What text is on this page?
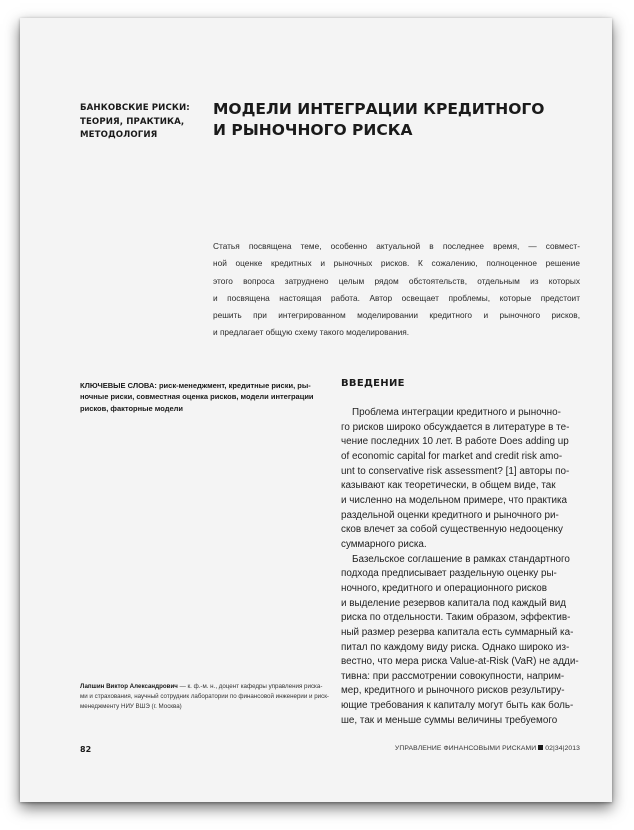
БАНКОВСКИЕ РИСКИ:
ТЕОРИЯ, ПРАКТИКА,
МЕТОДОЛОГИЯ
МОДЕЛИ ИНТЕГРАЦИИ КРЕДИТНОГО
И РЫНОЧНОГО РИСКА
Статья посвящена теме, особенно актуальной в последнее время, — совмест-
ной оценке кредитных и рыночных рисков. К сожалению, полноценное решение
этого вопроса затруднено целым рядом обстоятельств, отдельным из которых
и посвящена настоящая работа. Автор освещает проблемы, которые предстоит
решить при интегрированном моделировании кредитного и рыночного рисков,
и предлагает общую схему такого моделирования.
КЛЮЧЕВЫЕ СЛОВА: риск-менеджмент, кредитные риски, ры-
ночные риски, совместная оценка рисков, модели интеграции
рисков, факторные модели
ВВЕДЕНИЕ
Проблема интеграции кредитного и рыночно-
го рисков широко обсуждается в литературе в те-
чение последних 10 лет. В работе Does adding up
of economic capital for market and credit risk amo-
unt to conservative risk assessment? [1] авторы по-
казывают как теоретически, в общем виде, так
и численно на модельном примере, что практика
раздельной оценки кредитного и рыночного ри-
сков влечет за собой существенную недооценку
суммарного риска.
Базельское соглашение в рамках стандартного
подхода предписывает раздельную оценку ры-
ночного, кредитного и операционного рисков
и выделение резервов капитала под каждый вид
риска по отдельности. Таким образом, эффектив-
ный размер резерва капитала есть суммарный ка-
питал по каждому виду риска. Однако широко из-
вестно, что мера риска Value-at-Risk (VaR) не адди-
тивна: при рассмотрении совокупности, наприм-
мер, кредитного и рыночного рисков результиру-
ющие требования к капиталу могут быть как боль-
ше, так и меньше суммы величины требуемого
Лапшин Виктор Александрович — к. ф.-м. н., доцент кафедры управления риска-
ми и страхования, научный сотрудник лаборатории по финансовой инженерии и риск-
менеджменту НИУ ВШЭ (г. Москва)
82	УПРАВЛЕНИЕ ФИНАНСОВЫМИ РИСКАМИ 02|34|2013
